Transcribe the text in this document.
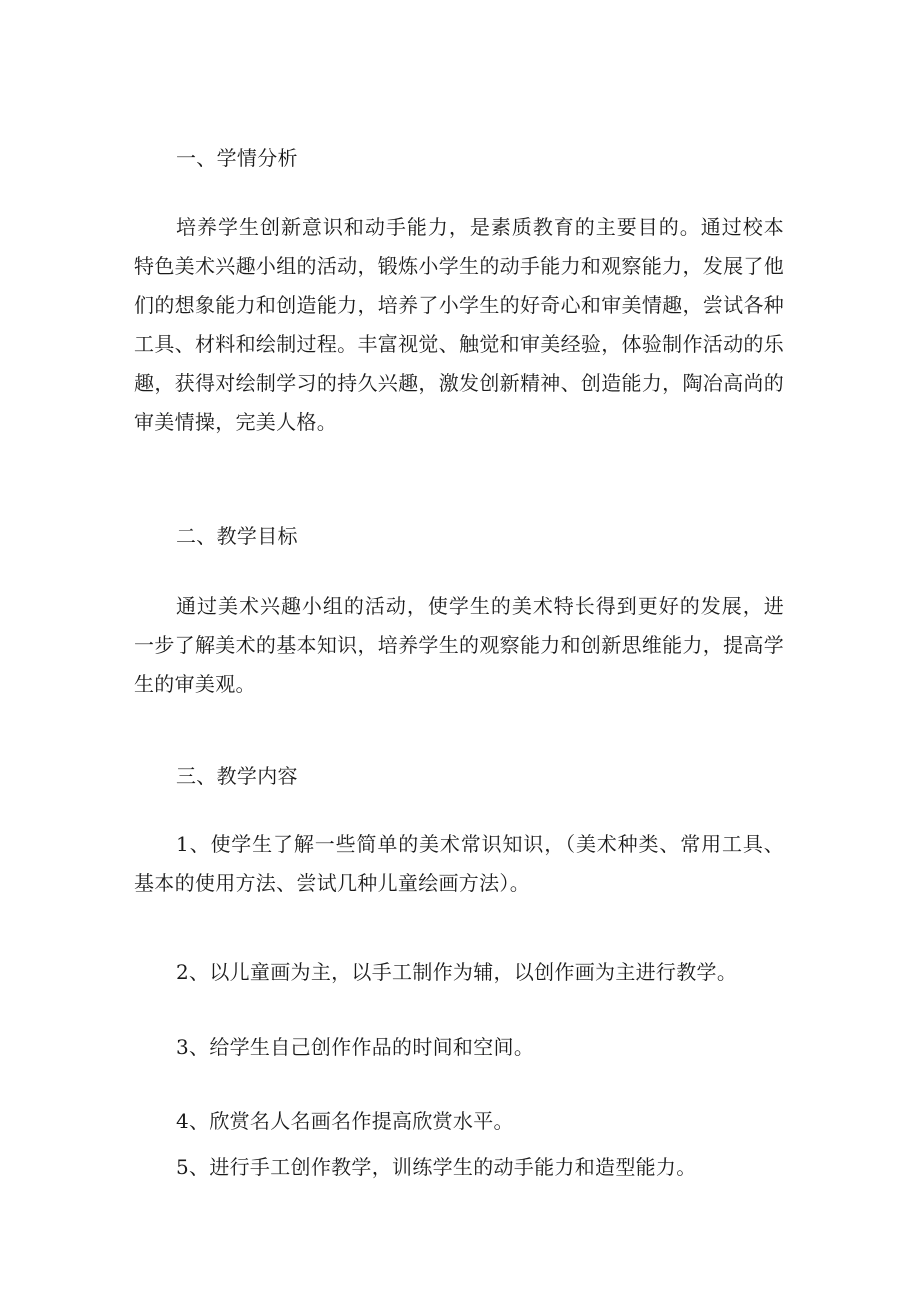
一、学情分析

培养学生创新意识和动手能力，是素质教育的主要目的。通过校本特色美术兴趣小组的活动，锻炼小学生的动手能力和观察能力，发展了他们的想象能力和创造能力，培养了小学生的好奇心和审美情趣，尝试各种工具、材料和绘制过程。丰富视觉、触觉和审美经验，体验制作活动的乐趣，获得对绘制学习的持久兴趣，激发创新精神、创造能力，陶冶高尚的审美情操，完美人格。

二、教学目标

通过美术兴趣小组的活动，使学生的美术特长得到更好的发展，进一步了解美术的基本知识，培养学生的观察能力和创新思维能力，提高学生的审美观。

三、教学内容

1、使学生了解一些简单的美术常识知识，（美术种类、常用工具、基本的使用方法、尝试几种儿童绘画方法）。

2、以儿童画为主，以手工制作为辅，以创作画为主进行教学。

3、给学生自己创作作品的时间和空间。

4、欣赏名人名画名作提高欣赏水平。

5、进行手工创作教学，训练学生的动手能力和造型能力。
